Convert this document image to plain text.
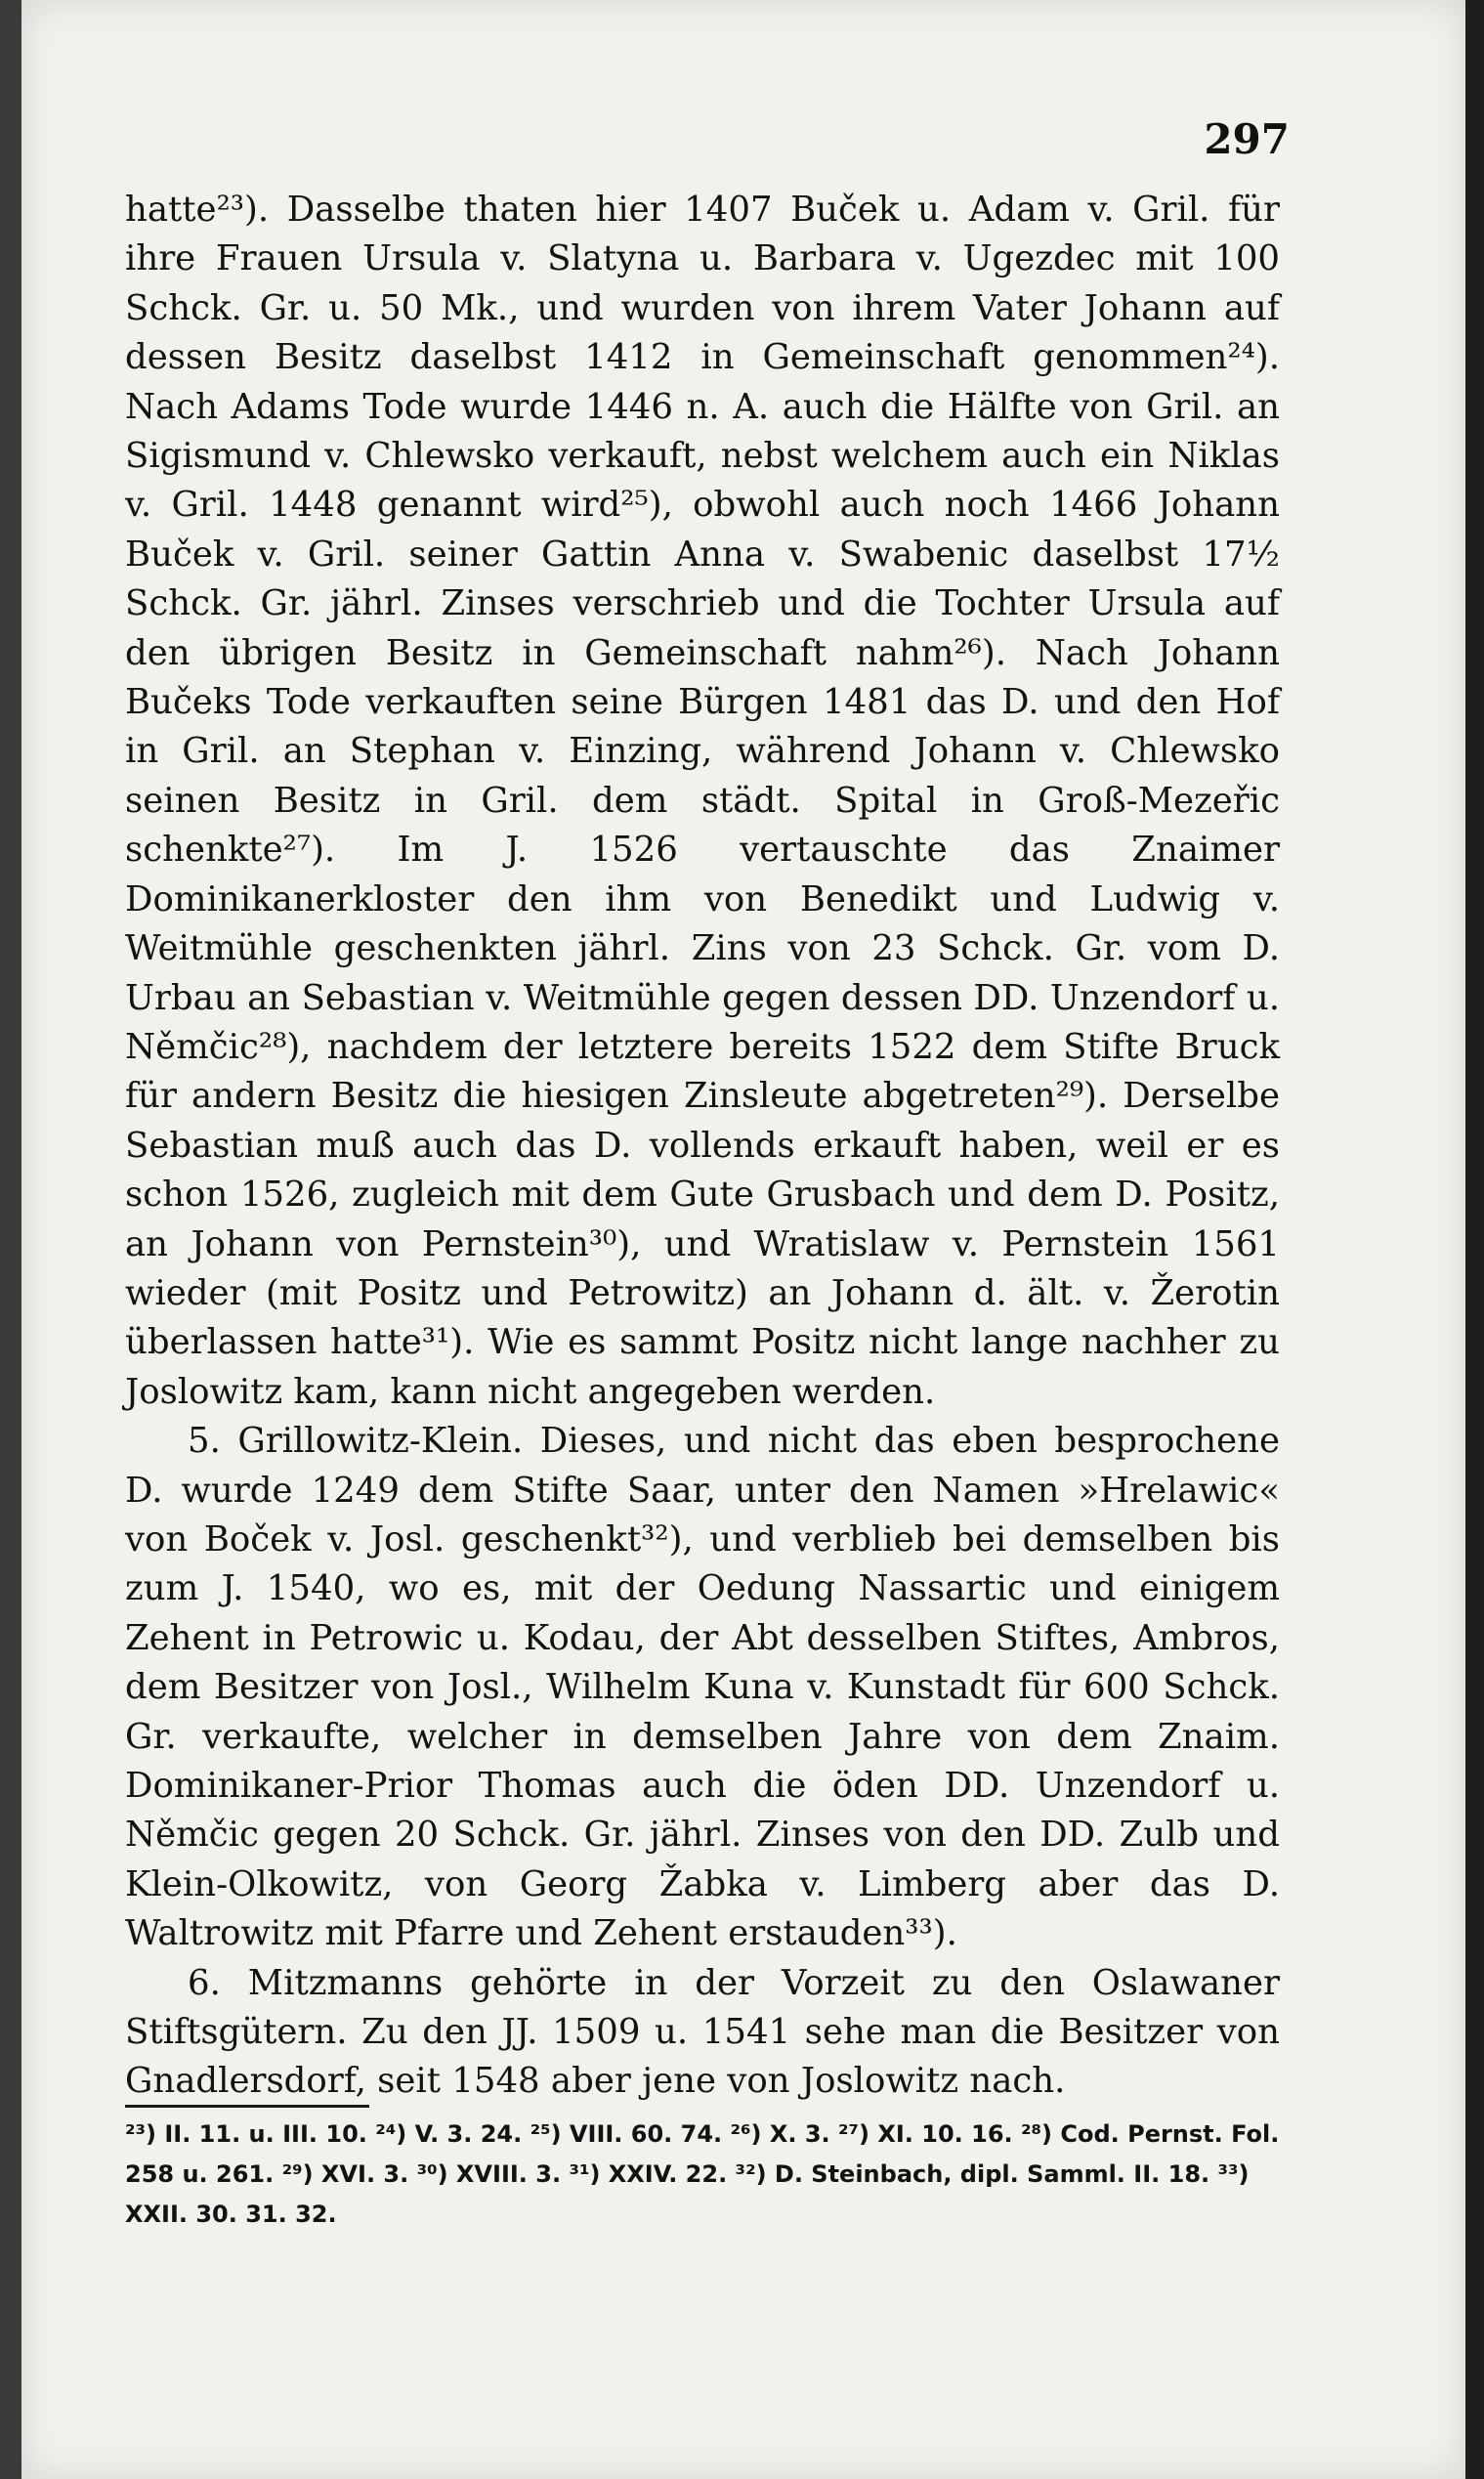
297

hatte²³). Dasselbe thaten hier 1407 Buček u. Adam v. Gril. für ihre Frauen Ursula v. Slatyna u. Barbara v. Ugezdec mit 100 Schck. Gr. u. 50 Mk., und wurden von ihrem Vater Johann auf dessen Besitz daselbst 1412 in Gemeinschaft genommen²⁴). Nach Adams Tode wurde 1446 n. A. auch die Hälfte von Gril. an Sigismund v. Chlewsko verkauft, nebst welchem auch ein Niklas v. Gril. 1448 genannt wird²⁵), obwohl auch noch 1466 Johann Buček v. Gril. seiner Gattin Anna v. Swabenic daselbst 17½ Schck. Gr. jährl. Zinses verschrieb und die Tochter Ursula auf den übrigen Besitz in Gemeinschaft nahm²⁶). Nach Johann Bučeks Tode verkauften seine Bürgen 1481 das D. und den Hof in Gril. an Stephan v. Einzing, während Johann v. Chlewsko seinen Besitz in Gril. dem städt. Spital in Groß-Mezeřic schenkte²⁷). Im J. 1526 vertauschte das Znaimer Dominikanerkloster den ihm von Benedikt und Ludwig v. Weitmühle geschenkten jährl. Zins von 23 Schck. Gr. vom D. Urbau an Sebastian v. Weitmühle gegen dessen DD. Unzendorf u. Němčic²⁸), nachdem der letztere bereits 1522 dem Stifte Bruck für andern Besitz die hiesigen Zinsleute abgetreten²⁹). Derselbe Sebastian muß auch das D. vollends erkauft haben, weil er es schon 1526, zugleich mit dem Gute Grusbach und dem D. Positz, an Johann von Pernstein³⁰), und Wratislaw v. Pernstein 1561 wieder (mit Positz und Petrowitz) an Johann d. ält. v. Žerotin überlassen hatte³¹). Wie es sammt Positz nicht lange nachher zu Joslowitz kam, kann nicht angegeben werden.

5. Grillowitz-Klein. Dieses, und nicht das eben besprochene D. wurde 1249 dem Stifte Saar, unter den Namen »Hrelawic« von Boček v. Josl. geschenkt³²), und verblieb bei demselben bis zum J. 1540, wo es, mit der Oedung Nassartic und einigem Zehent in Petrowic u. Kodau, der Abt desselben Stiftes, Ambros, dem Besitzer von Josl., Wilhelm Kuna v. Kunstadt für 600 Schck. Gr. verkaufte, welcher in demselben Jahre von dem Znaim. Dominikaner-Prior Thomas auch die öden DD. Unzendorf u. Němčic gegen 20 Schck. Gr. jährl. Zinses von den DD. Zulb und Klein-Olkowitz, von Georg Žabka v. Limberg aber das D. Waltrowitz mit Pfarre und Zehent erstauden³³).

6. Mitzmanns gehörte in der Vorzeit zu den Oslawaner Stiftsgütern. Zu den JJ. 1509 u. 1541 sehe man die Besitzer von Gnadlersdorf, seit 1548 aber jene von Joslowitz nach.

²³) II. 11. u. III. 10. ²⁴) V. 3. 24. ²⁵) VIII. 60. 74. ²⁶) X. 3. ²⁷) XI. 10. 16. ²⁸) Cod. Pernst. Fol. 258 u. 261. ²⁹) XVI. 3. ³⁰) XVIII. 3. ³¹) XXIV. 22. ³²) D. Steinbach, dipl. Samml. II. 18. ³³) XXII. 30. 31. 32.
